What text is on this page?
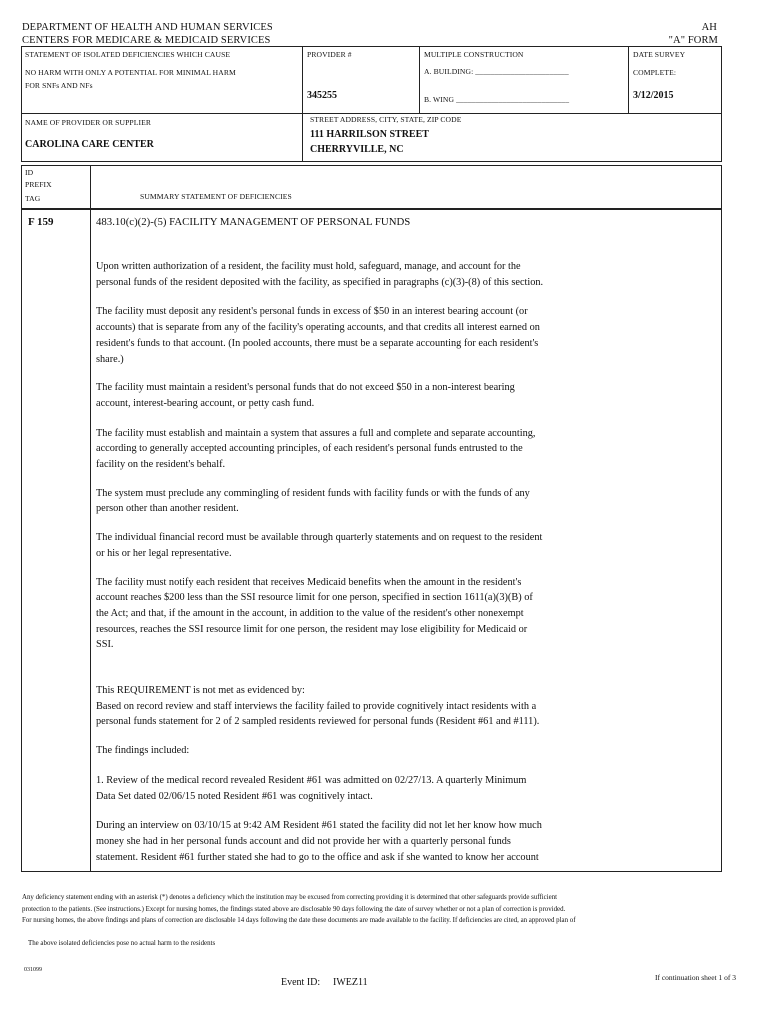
DEPARTMENT OF HEALTH AND HUMAN SERVICES
CENTERS FOR MEDICARE & MEDICAID SERVICES
AH
"A" FORM
STATEMENT OF ISOLATED DEFICIENCIES WHICH CAUSE
NO HARM WITH ONLY A POTENTIAL FOR MINIMAL HARM
FOR SNFs AND NFs
PROVIDER #
345255
MULTIPLE CONSTRUCTION
A. BUILDING: ________________________
B. WING _____________________________
DATE SURVEY
COMPLETE:
3/12/2015
NAME OF PROVIDER OR SUPPLIER
CAROLINA CARE CENTER
STREET ADDRESS, CITY, STATE, ZIP CODE
111 HARRILSON STREET
CHERRYVILLE, NC
ID
PREFIX
TAG	SUMMARY STATEMENT OF DEFICIENCIES
F 159	483.10(c)(2)-(5) FACILITY MANAGEMENT OF PERSONAL FUNDS
Upon written authorization of a resident, the facility must hold, safeguard, manage, and account for the
personal funds of the resident deposited with the facility, as specified in paragraphs (c)(3)-(8) of this section.
The facility must deposit any resident's personal funds in excess of $50 in an interest bearing account (or
accounts) that is separate from any of the facility's operating accounts, and that credits all interest earned on
resident's funds to that account. (In pooled accounts, there must be a separate accounting for each resident's
share.)
The facility must maintain a resident's personal funds that do not exceed $50 in a non-interest bearing
account, interest-bearing account, or petty cash fund.
The facility must establish and maintain a system that assures a full and complete and separate accounting,
according to generally accepted accounting principles, of each resident's personal funds entrusted to the
facility on the resident's behalf.
The system must preclude any commingling of resident funds with facility funds or with the funds of any
person other than another resident.
The individual financial record must be available through quarterly statements and on request to the resident
or his or her legal representative.
The facility must notify each resident that receives Medicaid benefits when the amount in the resident's
account reaches $200 less than the SSI resource limit for one person, specified in section 1611(a)(3)(B) of
the Act; and that, if the amount in the account, in addition to the value of the resident's other nonexempt
resources, reaches the SSI resource limit for one person, the resident may lose eligibility for Medicaid or
SSI.
This REQUIREMENT is not met as evidenced by:
Based on record review and staff interviews the facility failed to provide cognitively intact residents with a
personal funds statement for 2 of 2 sampled residents reviewed for personal funds (Resident #61 and #111).
The findings included:
1. Review of the medical record revealed Resident #61 was admitted on 02/27/13. A quarterly Minimum
Data Set dated 02/06/15 noted Resident #61 was cognitively intact.
During an interview on 03/10/15 at 9:42 AM Resident #61 stated the facility did not let her know how much
money she had in her personal funds account and did not provide her with a quarterly personal funds
statement. Resident #61 further stated she had to go to the office and ask if she wanted to know her account
Any deficiency statement ending with an asterisk (*) denotes a deficiency which the institution may be excused from correcting providing it is determined that other safeguards provide sufficient
protection to the patients. (See instructions.) Except for nursing homes, the findings stated above are disclosable 90 days following the date of survey whether or not a plan of correction is provided.
For nursing homes, the above findings and plans of correction are disclosable 14 days following the date these documents are made available to the facility. If deficiencies are cited, an approved plan of
The above isolated deficiencies pose no actual harm to the residents
031099
Event ID: IWEZ11	If continuation sheet 1 of 3
